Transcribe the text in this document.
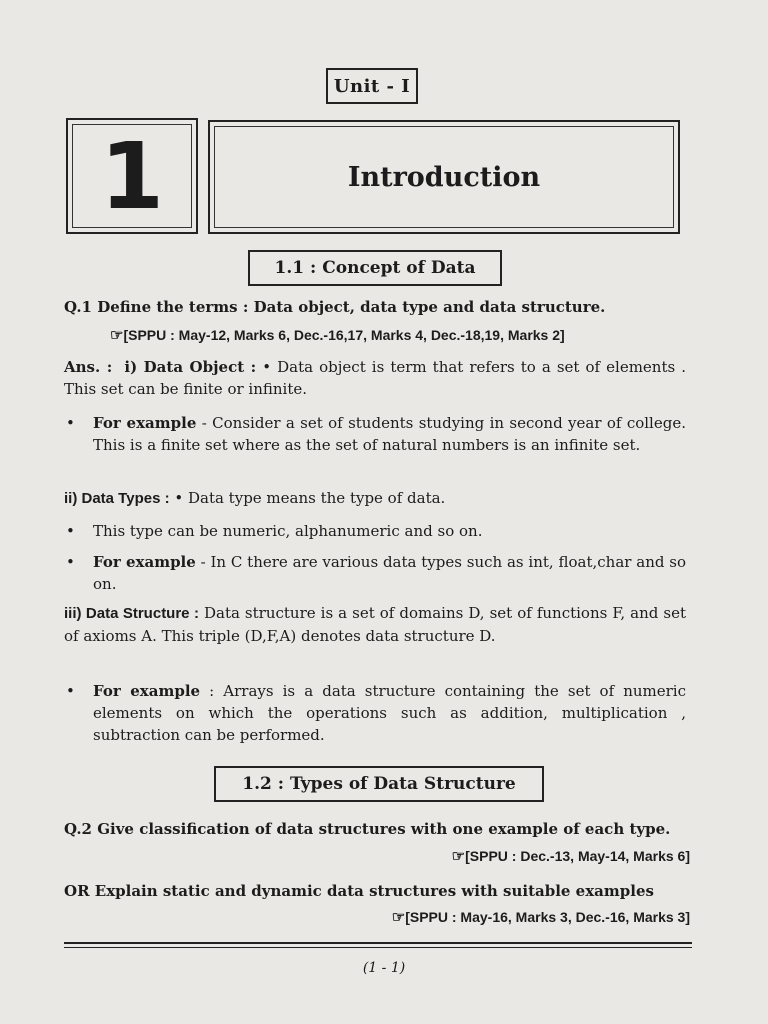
Unit - I
1	Introduction
1.1 : Concept of Data
Q.1 Define the terms : Data object, data type and data structure.
☞[SPPU : May-12, Marks 6, Dec.-16,17, Marks 4, Dec.-18,19, Marks 2]
Ans. : i) Data Object : • Data object is term that refers to a set of elements . This set can be finite or infinite.
• For example - Consider a set of students studying in second year of college. This is a finite set where as the set of natural numbers is an infinite set.
ii) Data Types : • Data type means the type of data.
• This type can be numeric, alphanumeric and so on.
• For example - In C there are various data types such as int, float,char and so on.
iii) Data Structure : Data structure is a set of domains D, set of functions F, and set of axioms A. This triple (D,F,A) denotes data structure D.
• For example : Arrays is a data structure containing the set of numeric elements on which the operations such as addition, multiplication , subtraction can be performed.
1.2 : Types of Data Structure
Q.2 Give classification of data structures with one example of each type.
☞[SPPU : Dec.-13, May-14, Marks 6]
OR Explain static and dynamic data structures with suitable examples
☞[SPPU : May-16, Marks 3, Dec.-16, Marks 3]
(1 - 1)
